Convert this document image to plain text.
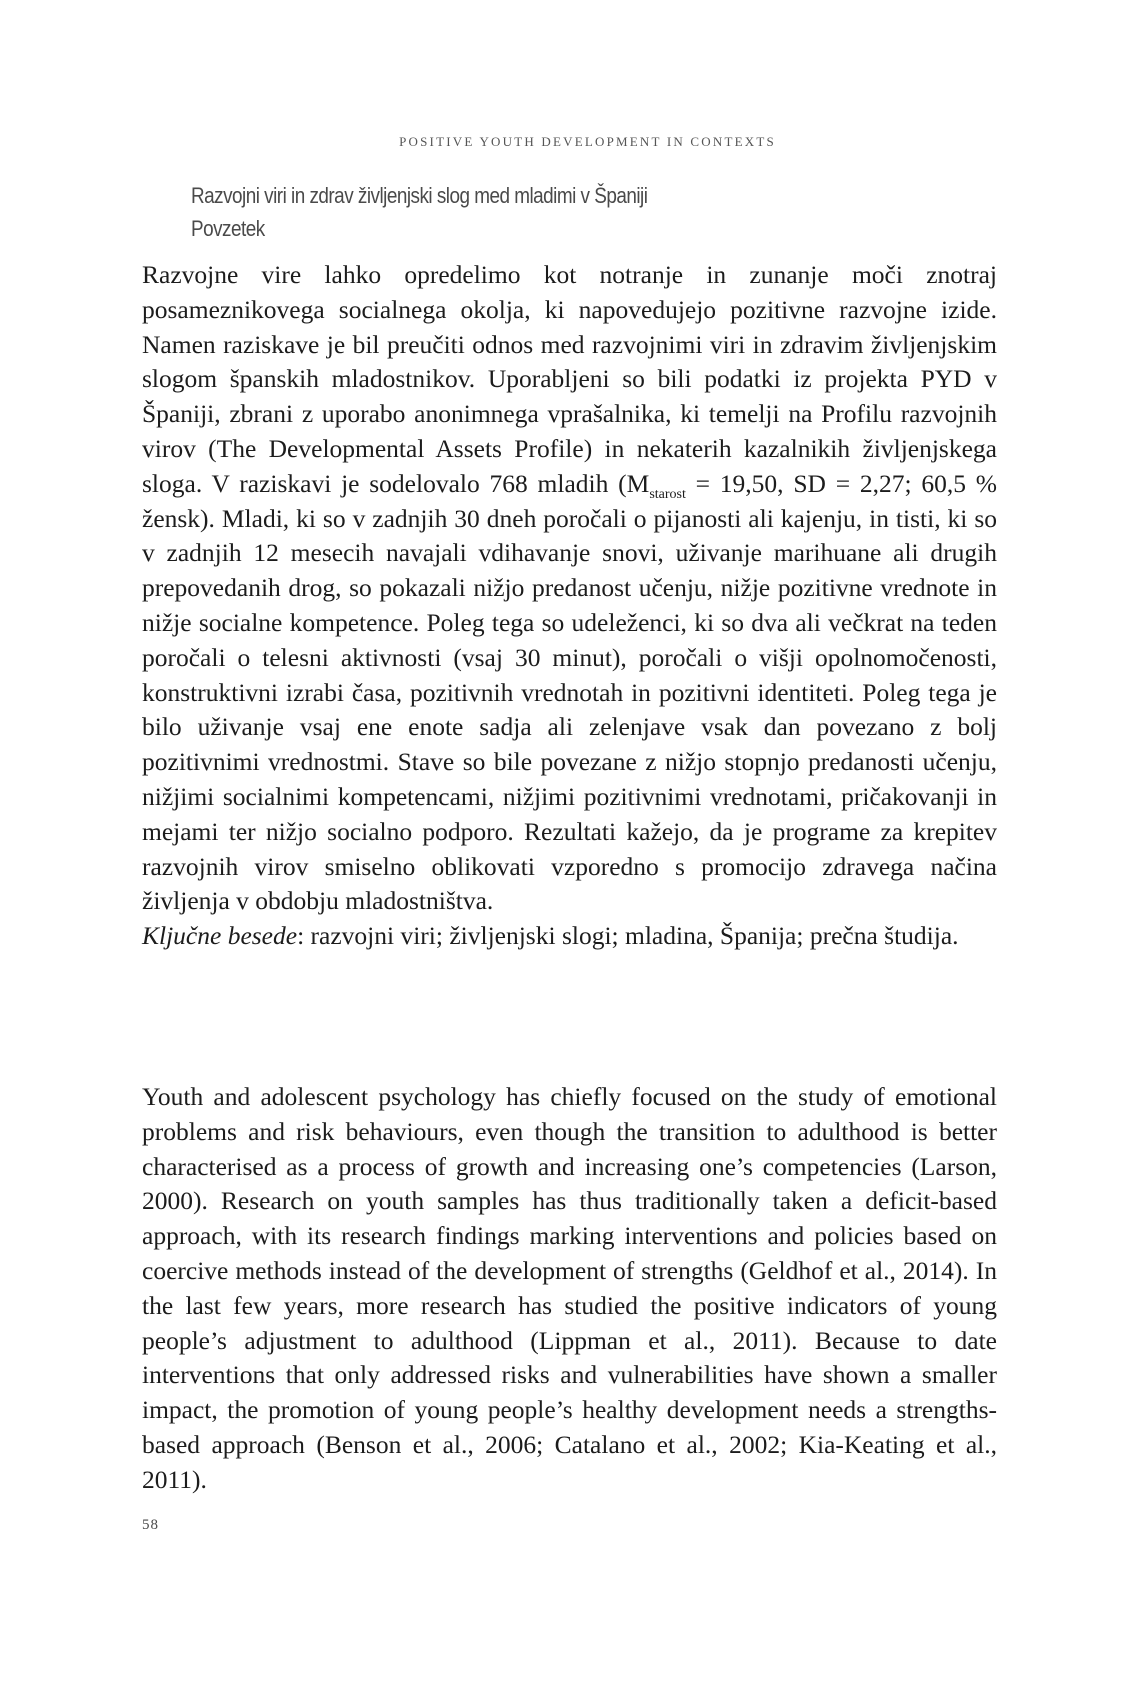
POSITIVE YOUTH DEVELOPMENT IN CONTEXTS
Razvojni viri in zdrav življenjski slog med mladimi v Španiji
Povzetek

Razvojne vire lahko opredelimo kot notranje in zunanje moči znotraj posameznikovega socialnega okolja, ki napovedujejo pozitivne razvojne izide. Namen raziskave je bil preučiti odnos med razvojnimi viri in zdravim življenjskim slogom španskih mladostnikov. Uporabljeni so bili podatki iz projekta PYD v Španiji, zbrani z uporabo anonimnega vprašalnika, ki temelji na Profilu razvojnih virov (The Developmental Assets Profile) in nekaterih kazalnikih življenjskega sloga. V raziskavi je sodelovalo 768 mladih ($M_{starost} = 19,50$, SD = 2,27; 60,5 % žensk). Mladi, ki so v zadnjih 30 dneh poročali o pijanosti ali kajenju, in tisti, ki so v zadnjih 12 mesecih navajali vdihavanje snovi, uživanje marihuane ali drugih prepovedanih drog, so pokazali nižjo predanost učenju, nižje pozitivne vrednote in nižje socialne kompetence. Poleg tega so udeleženci, ki so dva ali večkrat na teden poročali o telesni aktivnosti (vsaj 30 minut), poročali o višji opolnomočenosti, konstruktivni izrabi časa, pozitivnih vrednotah in pozitivni identiteti. Poleg tega je bilo uživanje vsaj ene enote sadja ali zelenjave vsak dan povezano z bolj pozitivnimi vrednostmi. Stave so bile povezane z nižjo stopnjo predanosti učenju, nižjimi socialnimi kompetencami, nižjimi pozitivnimi vrednotami, pričakovanji in mejami ter nižjo socialno podporo. Rezultati kažejo, da je programe za krepitev razvojnih virov smiselno oblikovati vzporedno s promocijo zdravega načina življenja v obdobju mladostništva.

Ključne besede: razvojni viri; življenjski slogi; mladina, Španija; prečna študija.

Youth and adolescent psychology has chiefly focused on the study of emotional problems and risk behaviours, even though the transition to adulthood is better characterised as a process of growth and increasing one’s competencies (Larson, 2000). Research on youth samples has thus traditionally taken a deficit-based approach, with its research findings marking interventions and policies based on coercive methods instead of the development of strengths (Geldhof et al., 2014). In the last few years, more research has studied the positive indicators of young people’s adjustment to adulthood (Lippman et al., 2011). Because to date interventions that only addressed risks and vulnerabilities have shown a smaller impact, the promotion of young people’s healthy development needs a strengths-based approach (Benson et al., 2006; Catalano et al., 2002; Kia-Keating et al., 2011).

58
